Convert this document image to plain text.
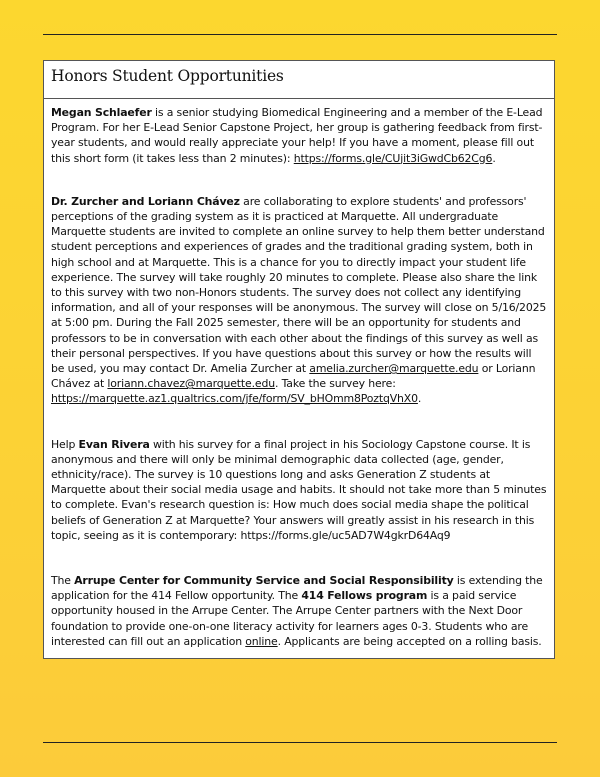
Honors Student Opportunities

Megan Schlaefer is a senior studying Biomedical Engineering and a member of the E-Lead Program. For her E-Lead Senior Capstone Project, her group is gathering feedback from first-year students, and would really appreciate your help! If you have a moment, please fill out this short form (it takes less than 2 minutes): https://forms.gle/CUjit3iGwdCb62Cg6.

Dr. Zurcher and Loriann Chávez are collaborating to explore students' and professors' perceptions of the grading system as it is practiced at Marquette. All undergraduate Marquette students are invited to complete an online survey to help them better understand student perceptions and experiences of grades and the traditional grading system, both in high school and at Marquette. This is a chance for you to directly impact your student life experience. The survey will take roughly 20 minutes to complete. Please also share the link to this survey with two non-Honors students. The survey does not collect any identifying information, and all of your responses will be anonymous. The survey will close on 5/16/2025 at 5:00 pm. During the Fall 2025 semester, there will be an opportunity for students and professors to be in conversation with each other about the findings of this survey as well as their personal perspectives. If you have questions about this survey or how the results will be used, you may contact Dr. Amelia Zurcher at amelia.zurcher@marquette.edu or Loriann Chávez at loriann.chavez@marquette.edu. Take the survey here: https://marquette.az1.qualtrics.com/jfe/form/SV_bHOmm8PoztqVhX0.

Help Evan Rivera with his survey for a final project in his Sociology Capstone course. It is anonymous and there will only be minimal demographic data collected (age, gender, ethnicity/race). The survey is 10 questions long and asks Generation Z students at Marquette about their social media usage and habits. It should not take more than 5 minutes to complete. Evan's research question is: How much does social media shape the political beliefs of Generation Z at Marquette? Your answers will greatly assist in his research in this topic, seeing as it is contemporary: https://forms.gle/uc5AD7W4gkrD64Aq9

The Arrupe Center for Community Service and Social Responsibility is extending the application for the 414 Fellow opportunity. The 414 Fellows program is a paid service opportunity housed in the Arrupe Center. The Arrupe Center partners with the Next Door foundation to provide one-on-one literacy activity for learners ages 0-3. Students who are interested can fill out an application online. Applicants are being accepted on a rolling basis.
